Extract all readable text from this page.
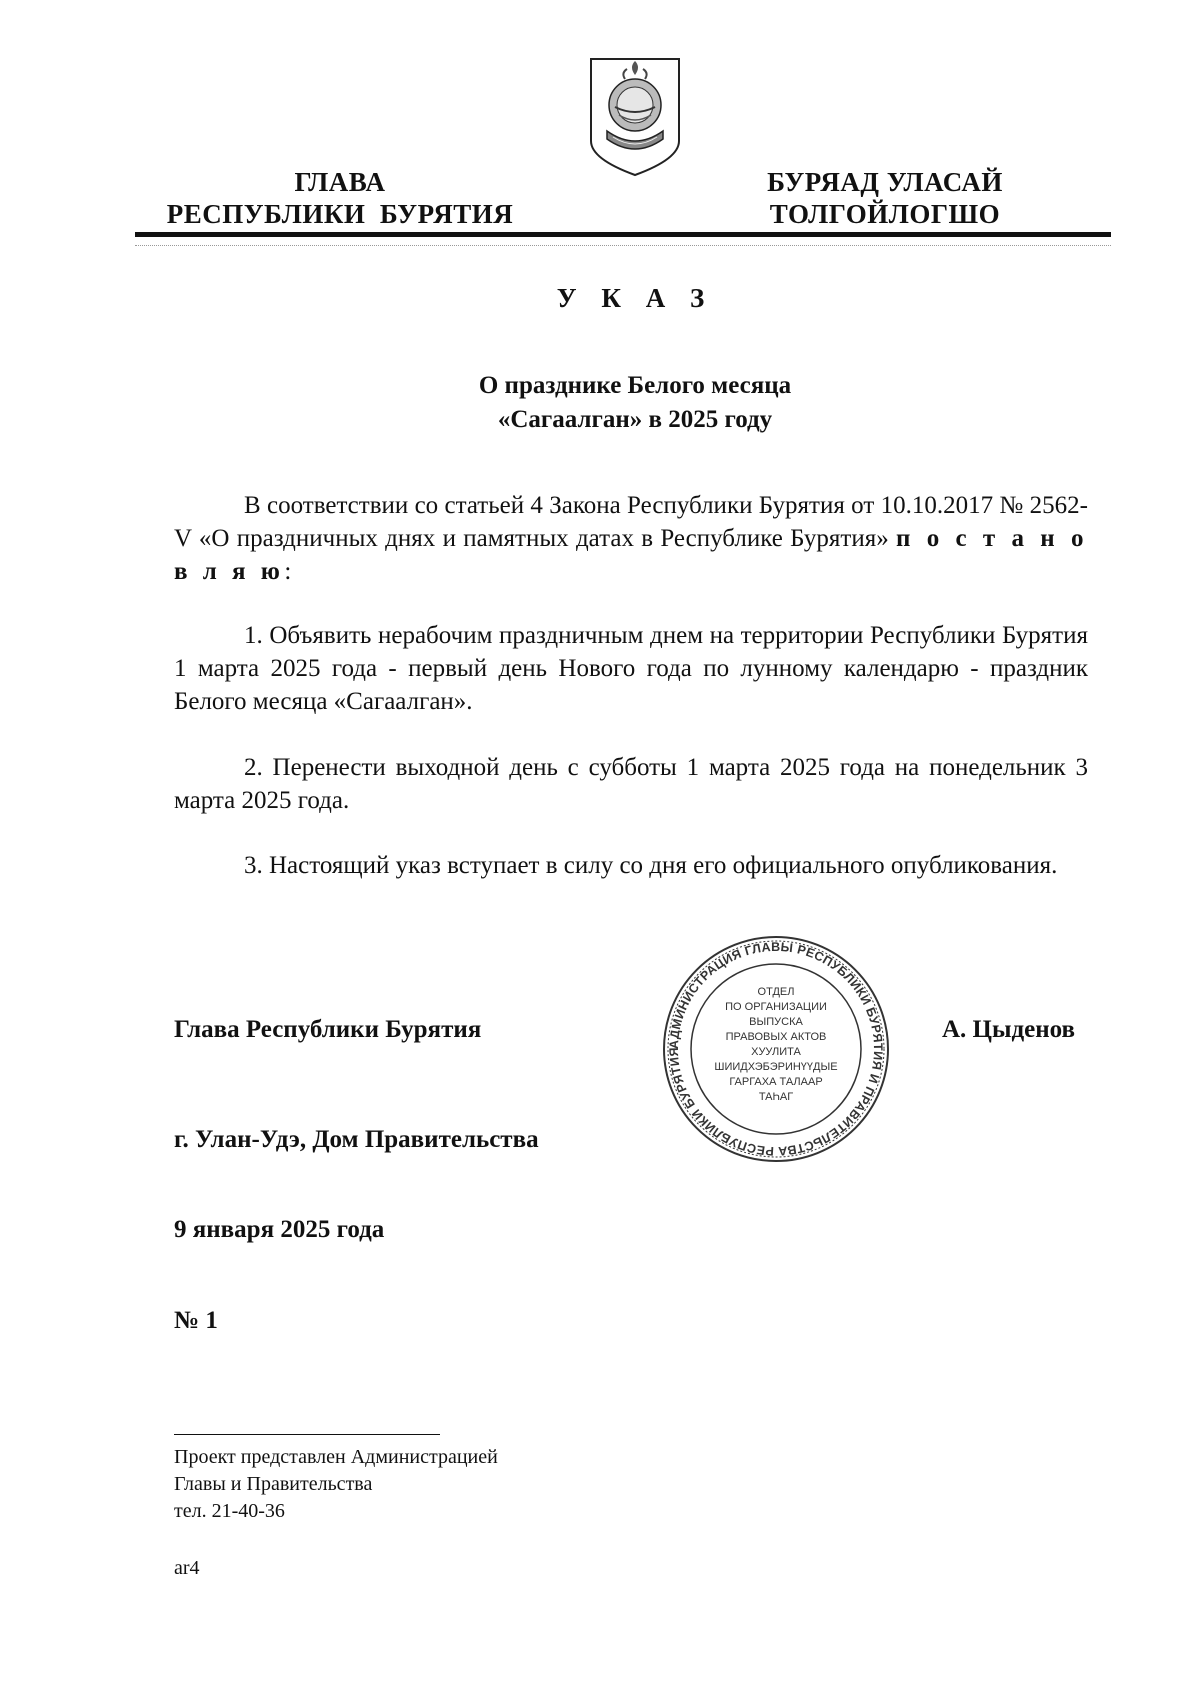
ГЛАВА
РЕСПУБЛИКИ  БУРЯТИЯ
БУРЯАД УЛАСАЙ
ТОЛГОЙЛОГШО
У К А З
О празднике Белого месяца
«Сагаалган» в 2025 году

В соответствии со статьей 4 Закона Республики Бурятия от 10.10.2017 № 2562-V «О праздничных днях и памятных датах в Республике Бурятия» п о с т а н о в л я ю:

1. Объявить нерабочим праздничным днем на территории Республики Бурятия 1 марта 2025 года - первый день Нового года по лунному календарю - праздник Белого месяца «Сагаалган».

2. Перенести выходной день с субботы 1 марта 2025 года на понедельник 3 марта 2025 года.

3. Настоящий указ вступает в силу со дня его официального опубликования.

Глава Республики Бурятия	А. Цыденов
АДМИНИСТРАЦИЯ ГЛАВЫ РЕСПУБЛИКИ БУРЯТИЯ И ПРАВИТЕЛЬСТВА РЕСПУБЛИКИ БУРЯТИЯ
ОТДЕЛ
ПО ОРГАНИЗАЦИИ
ВЫПУСКА
ПРАВОВЫХ АКТОВ
ХУУЛИТА
ШИИДХЭБЭРИНҮҮДЫЕ
ГАРГАХА ТАЛААР
ТАҺАГ
г. Улан-Удэ, Дом Правительства
9 января 2025 года
№ 1
Проект представлен Администрацией
Главы и Правительства
тел. 21-40-36
ar4
